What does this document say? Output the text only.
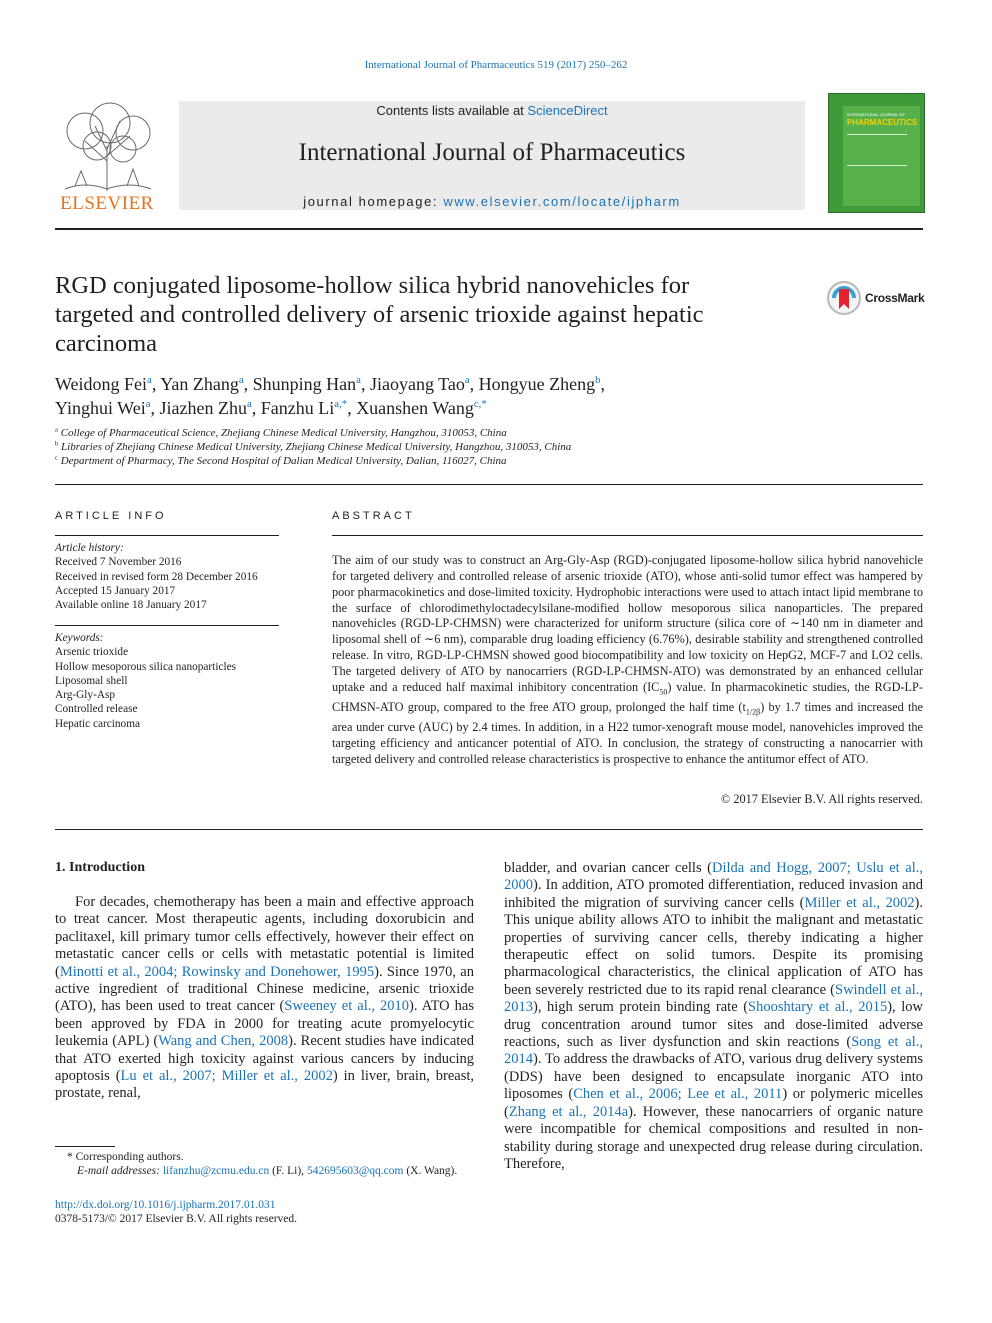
International Journal of Pharmaceutics 519 (2017) 250–262
ELSEVIER
Contents lists available at ScienceDirect
International Journal of Pharmaceutics
journal homepage: www.elsevier.com/locate/ijpharm
INTERNATIONAL JOURNAL OF
PHARMACEUTICS
RGD conjugated liposome-hollow silica hybrid nanovehicles for
targeted and controlled delivery of arsenic trioxide against hepatic
carcinoma
CrossMark
Weidong Fei$^a$, Yan Zhang$^a$, Shunping Han$^a$, Jiaoyang Tao$^a$, Hongyue Zheng$^b$,
Yinghui Wei$^a$, Jiazhen Zhu$^a$, Fanzhu $Li^{a,*}$, Xuanshen Wang$^{c,*}$
$^a$ College of Pharmaceutical Science, Zhejiang Chinese Medical University, Hangzhou, 310053, China
$^b$ Libraries of Zhejiang Chinese Medical University, Zhejiang Chinese Medical University, Hangzhou, 310053, China
$^c$ Department of Pharmacy, The Second Hospital of Dalian Medical University, Dalian, 116027, China
ARTICLE INFO
Article history:
Received 7 November 2016
Received in revised form 28 December 2016
Accepted 15 January 2017
Available online 18 January 2017
Keywords:
Arsenic trioxide
Hollow mesoporous silica nanoparticles
Liposomal shell
Arg-Gly-Asp
Controlled release
Hepatic carcinoma
ABSTRACT
The aim of our study was to construct an Arg-Gly-Asp (RGD)-conjugated liposome-hollow silica hybrid nanovehicle for targeted delivery and controlled release of arsenic trioxide (ATO), whose anti-solid tumor effect was hampered by poor pharmacokinetics and dose-limited toxicity. Hydrophobic interactions were used to attach intact lipid membrane to the surface of chlorodimethyloctadecylsilane-modified hollow mesoporous silica nanoparticles. The prepared nanovehicles (RGD-LP-CHMSN) were characterized for uniform structure (silica core of ∼140 nm in diameter and liposomal shell of ∼6 nm), comparable drug loading efficiency (6.76%), desirable stability and strengthened controlled release. In vitro, RGD-LP-CHMSN showed good biocompatibility and low toxicity on HepG2, MCF-7 and LO2 cells. The targeted delivery of ATO by nanocarriers (RGD-LP-CHMSN-ATO) was demonstrated by an enhanced cellular uptake and a reduced half maximal inhibitory concentration $(IC_{50})$ value. In pharmacokinetic studies, the RGD-LP-CHMSN-ATO group, compared to the free ATO group, prolonged the half time $(t_{1/2\beta})$ by 1.7 times and increased the area under curve (AUC) by 2.4 times. In addition, in a H22 tumor-xenograft mouse model, nanovehicles improved the targeting efficiency and anticancer potential of ATO. In conclusion, the strategy of constructing a nanocarrier with targeted delivery and controlled release characteristics is prospective to enhance the antitumor effect of ATO.
© 2017 Elsevier B.V. All rights reserved.
1. Introduction

For decades, chemotherapy has been a main and effective approach to treat cancer. Most therapeutic agents, including doxorubicin and paclitaxel, kill primary tumor cells effectively, however their effect on metastatic cancer cells or cells with metastatic potential is limited (Minotti et al., 2004; Rowinsky and Donehower, 1995). Since 1970, an active ingredient of traditional Chinese medicine, arsenic trioxide (ATO), has been used to treat cancer (Sweeney et al., 2010). ATO has been approved by FDA in 2000 for treating acute promyelocytic leukemia (APL) (Wang and Chen, 2008). Recent studies have indicated that ATO exerted high toxicity against various cancers by inducing apoptosis (Lu et al., 2007; Miller et al., 2002) in liver, brain, breast, prostate, renal,

bladder, and ovarian cancer cells (Dilda and Hogg, 2007; Uslu et al., 2000). In addition, ATO promoted differentiation, reduced invasion and inhibited the migration of surviving cancer cells (Miller et al., 2002). This unique ability allows ATO to inhibit the malignant and metastatic properties of surviving cancer cells, thereby indicating a higher therapeutic effect on solid tumors. Despite its promising pharmacological characteristics, the clinical application of ATO has been severely restricted due to its rapid renal clearance (Swindell et al., 2013), high serum protein binding rate (Shooshtary et al., 2015), low drug concentration around tumor sites and dose-limited adverse reactions, such as liver dysfunction and skin reactions (Song et al., 2014). To address the drawbacks of ATO, various drug delivery systems (DDS) have been designed to encapsulate inorganic ATO into liposomes (Chen et al., 2006; Lee et al., 2011) or polymeric micelles (Zhang et al., 2014a). However, these nanocarriers of organic nature were incompatible for chemical compositions and resulted in non-stability during storage and unexpected drug release during circulation. Therefore,

* Corresponding authors.
E-mail addresses: lifanzhu@zcmu.edu.cn (F. Li), 542695603@qq.com (X. Wang).
http://dx.doi.org/10.1016/j.ijpharm.2017.01.031
0378-5173/© 2017 Elsevier B.V. All rights reserved.
